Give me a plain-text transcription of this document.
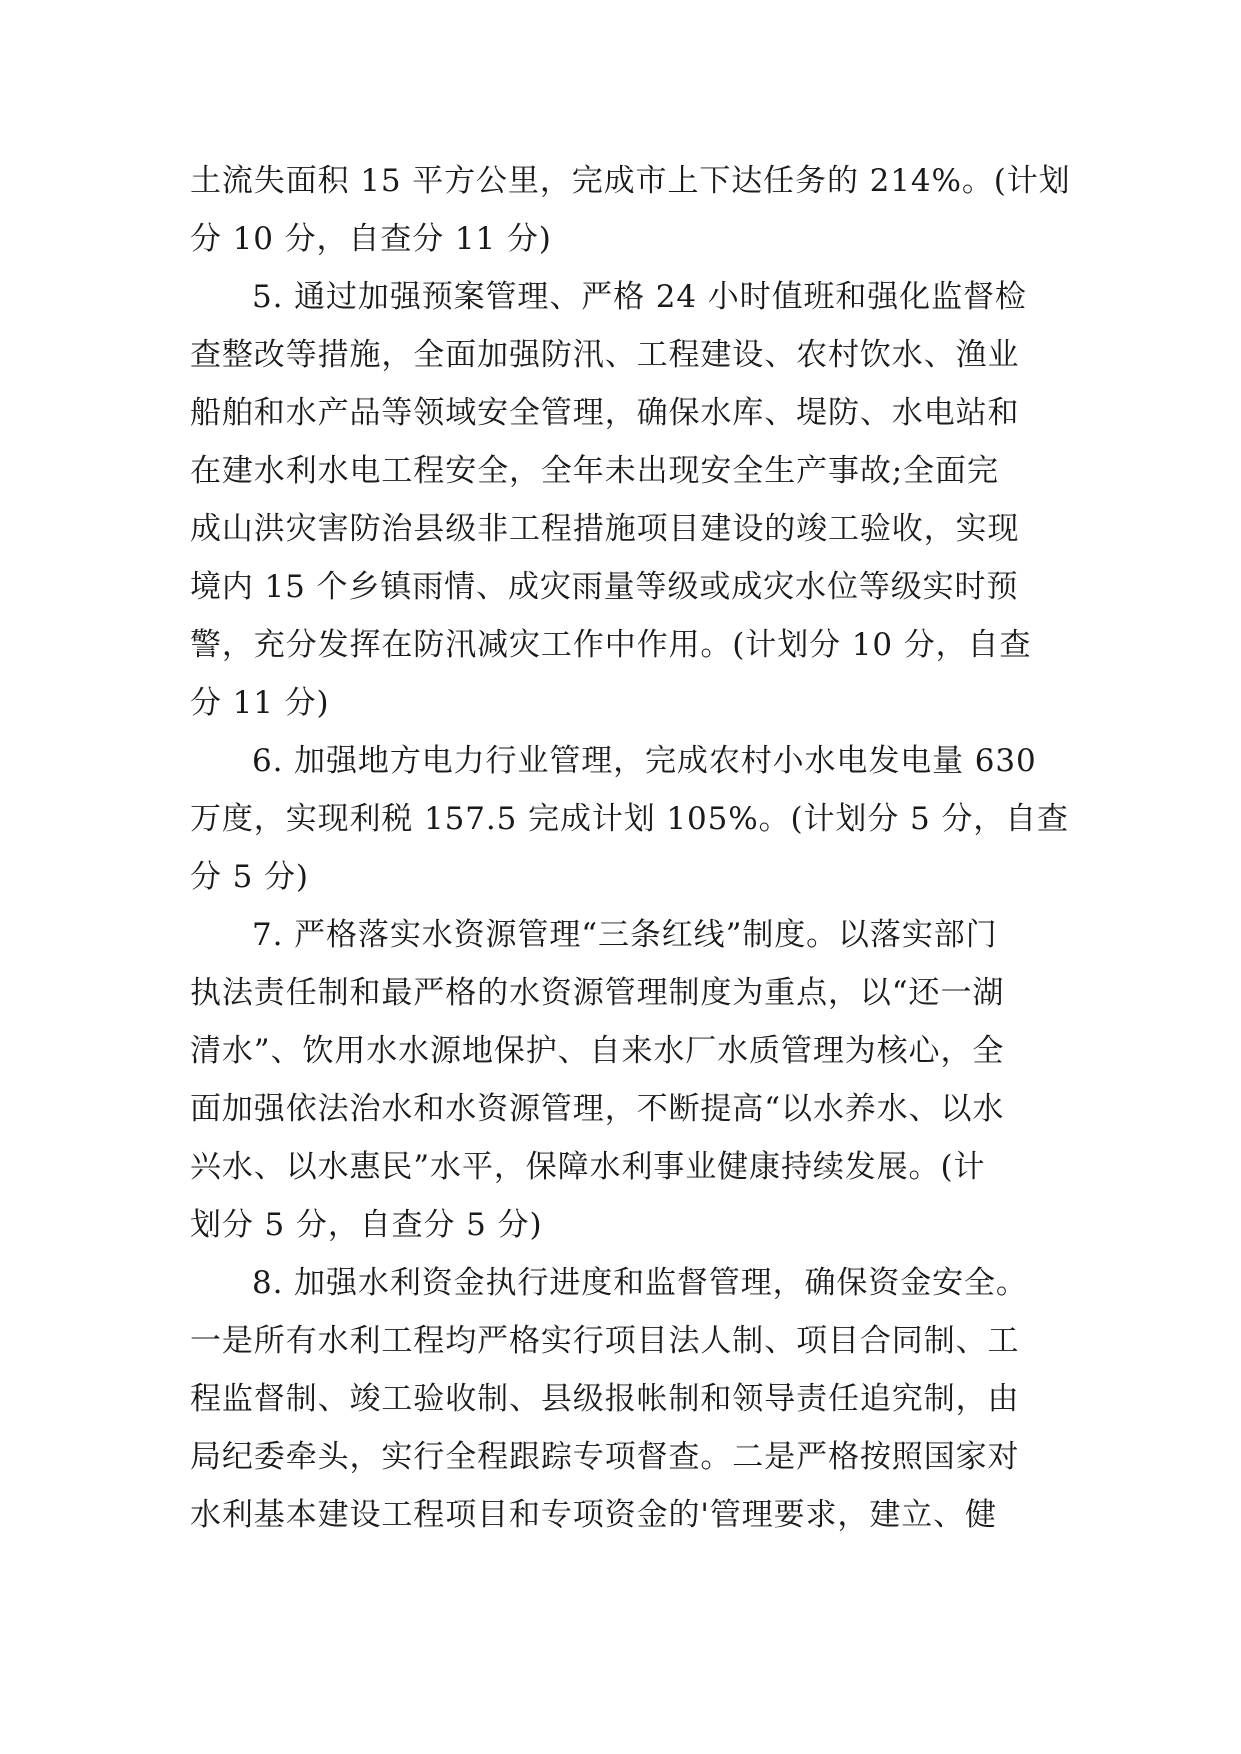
土流失面积 15 平方公里，完成市上下达任务的 214%。(计划
分 10 分，自查分 11 分)
5. 通过加强预案管理、严格 24 小时值班和强化监督检
查整改等措施，全面加强防汛、工程建设、农村饮水、渔业
船舶和水产品等领域安全管理，确保水库、堤防、水电站和
在建水利水电工程安全，全年未出现安全生产事故;全面完
成山洪灾害防治县级非工程措施项目建设的竣工验收，实现
境内 15 个乡镇雨情、成灾雨量等级或成灾水位等级实时预
警，充分发挥在防汛减灾工作中作用。(计划分 10 分，自查
分 11 分)
6. 加强地方电力行业管理，完成农村小水电发电量 630
万度，实现利税 157.5 完成计划 105%。(计划分 5 分，自查
分 5 分)
7. 严格落实水资源管理“三条红线”制度。以落实部门
执法责任制和最严格的水资源管理制度为重点，以“还一湖
清水”、饮用水水源地保护、自来水厂水质管理为核心，全
面加强依法治水和水资源管理，不断提高“以水养水、以水
兴水、以水惠民”水平，保障水利事业健康持续发展。(计
划分 5 分，自查分 5 分)
8. 加强水利资金执行进度和监督管理，确保资金安全。
一是所有水利工程均严格实行项目法人制、项目合同制、工
程监督制、竣工验收制、县级报帐制和领导责任追究制，由
局纪委牵头，实行全程跟踪专项督查。二是严格按照国家对
水利基本建设工程项目和专项资金的'管理要求，建立、健
